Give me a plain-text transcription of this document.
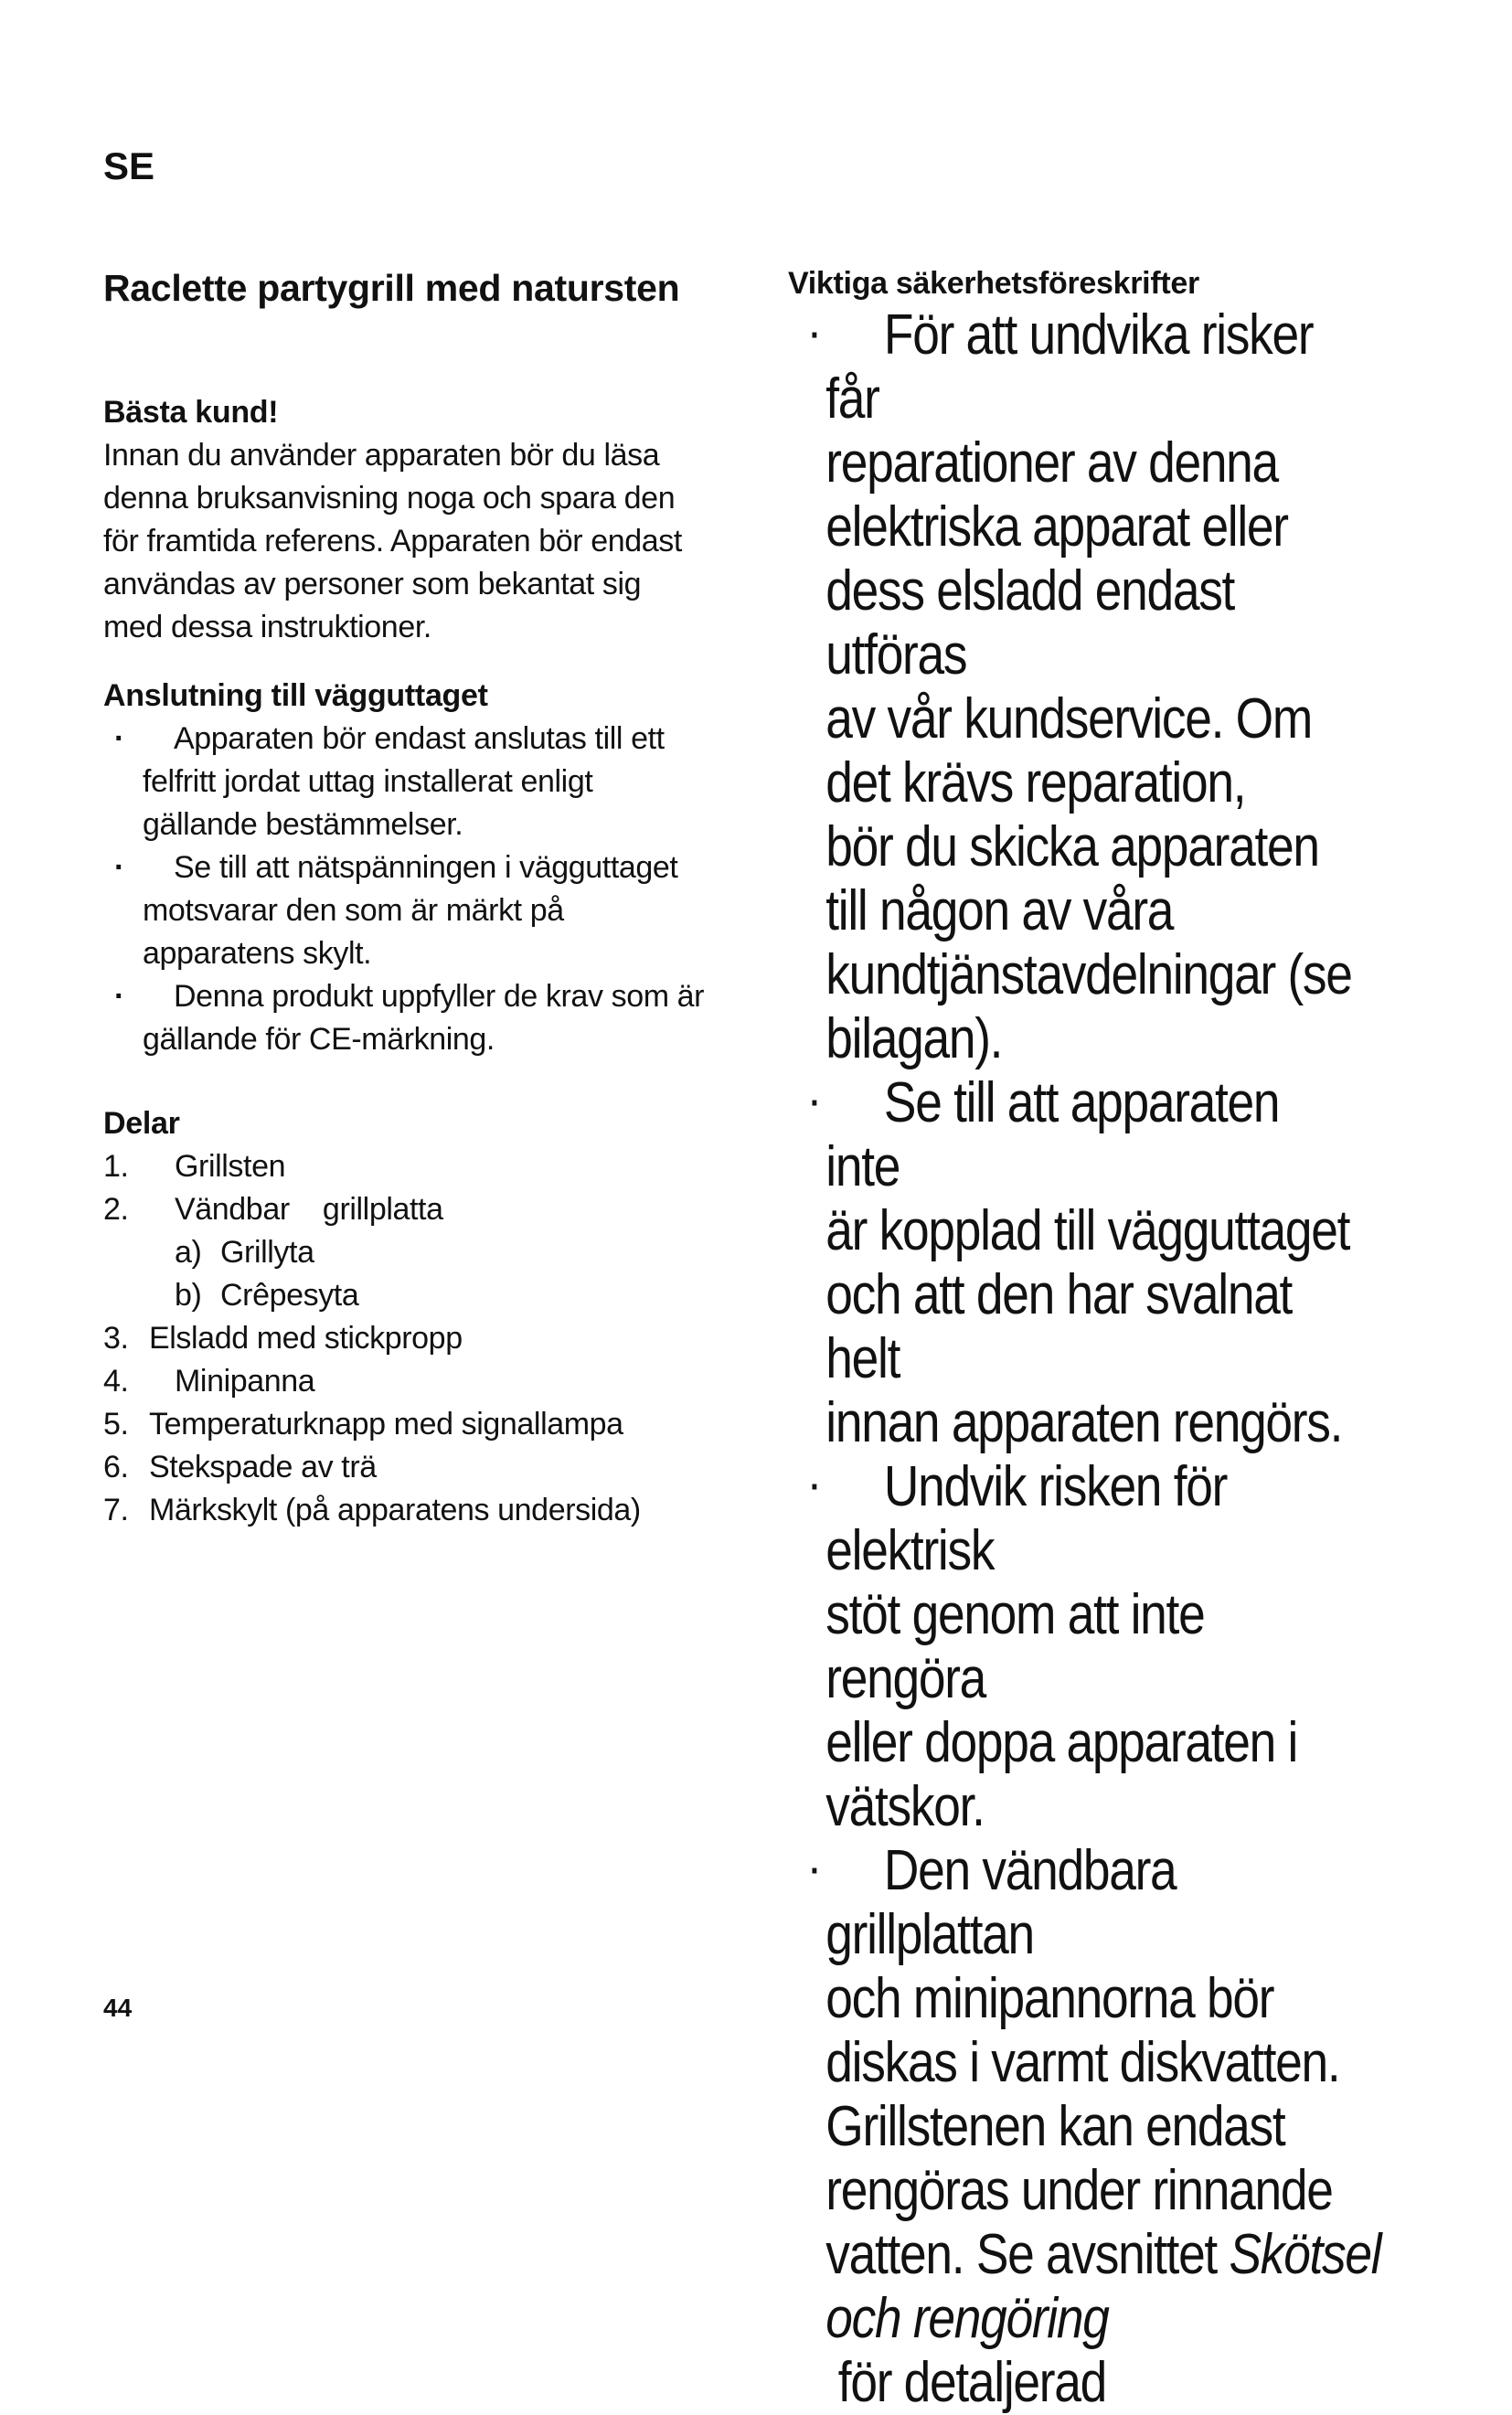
SE
Raclette partygrill med natursten
Bästa kund!
Innan du använder apparaten bör du läsa
denna bruksanvisning noga och spara den
för framtida referens. Apparaten bör endast
användas av personer som bekantat sig
med dessa instruktioner.
Anslutning till vägguttaget
·	Apparaten bör endast anslutas till ett
felfritt jordat uttag installerat enligt
gällande bestämmelser.
·	Se till att nätspänningen i vägguttaget
motsvarar den som är märkt på
apparatens skylt.
·	Denna produkt uppfyller de krav som är
gällande för CE-märkning.
Delar
1.	Grillsten
2.	Vändbar    grillplatta
a) Grillyta
b) Crêpesyta
3. Elsladd med stickpropp
4.	Minipanna
5. Temperaturknapp med signallampa
6. Stekspade av trä
7. Märkskylt (på apparatens undersida)
Viktiga säkerhetsföreskrifter
·	För att undvika risker får
reparationer av denna
elektriska apparat eller
dess elsladd endast utföras
av vår kundservice. Om
det krävs reparation,
bör du skicka apparaten
till någon av våra
kundtjänstavdelningar (se
bilagan).
·	Se till att apparaten inte
är kopplad till vägguttaget
och att den har svalnat helt
innan apparaten rengörs.
·	Undvik risken för elektrisk
stöt genom att inte rengöra
eller doppa apparaten i
vätskor.
·	Den vändbara grillplattan
och minipannorna bör
diskas i varmt diskvatten.
Grillstenen kan endast
rengöras under rinnande
vatten. Se avsnittet Skötsel
och rengöring för detaljerad
44
